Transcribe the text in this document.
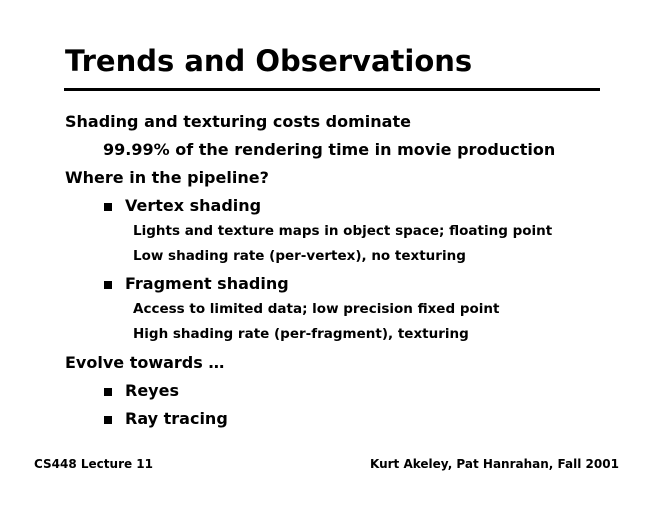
Trends and Observations
Shading and texturing costs dominate
99.99% of the rendering time in movie production
Where in the pipeline?
Vertex shading
Lights and texture maps in object space; floating point
Low shading rate (per-vertex), no texturing
Fragment shading
Access to limited data; low precision fixed point
High shading rate (per-fragment), texturing
Evolve towards …
Reyes
Ray tracing
CS448 Lecture 11	Kurt Akeley, Pat Hanrahan, Fall 2001
